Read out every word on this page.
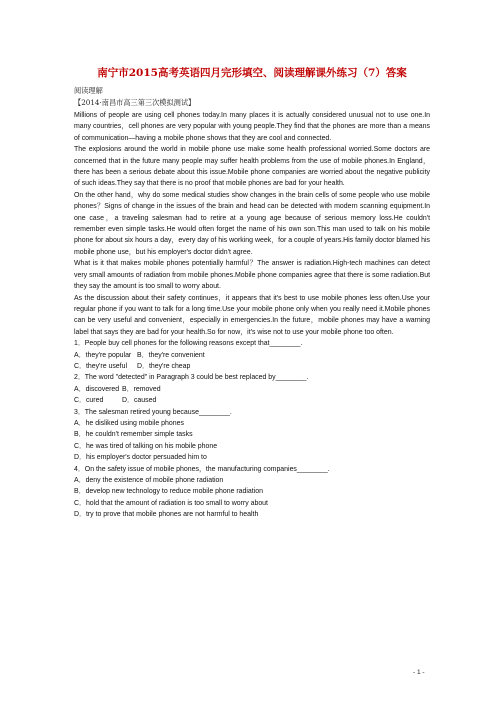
南宁市2015高考英语四月完形填空、阅读理解课外练习（7）答案
阅读理解
【2014·南昌市高三第三次模拟测试】

Millions of people are using cell phones today.In many places it is actually considered unusual not to use one.In many countries，cell phones are very popular with young people.They find that the phones are more than a means of communication—having a mobile phone shows that they are cool and connected.

The explosions around the world in mobile phone use make some health professional worried.Some doctors are concerned that in the future many people may suffer health problems from the use of mobile phones.In England，there has been a serious debate about this issue.Mobile phone companies are worried about the negative publicity of such ideas.They say that there is no proof that mobile phones are bad for your health.

On the other hand，why do some medical studies show changes in the brain cells of some people who use mobile phones？Signs of change in the issues of the brain and head can be detected with modern scanning equipment.In one case，a traveling salesman had to retire at a young age because of serious memory loss.He couldn't remember even simple tasks.He would often forget the name of his own son.This man used to talk on his mobile phone for about six hours a day，every day of his working week，for a couple of years.His family doctor blamed his mobile phone use，but his employer's doctor didn't agree.

What is it that makes mobile phones potentially harmful？The answer is radiation.High-tech machines can detect very small amounts of radiation from mobile phones.Mobile phone companies agree that there is some radiation.But they say the amount is too small to worry about.

As the discussion about their safety continues，it appears that it's best to use mobile phones less often.Use your regular phone if you want to talk for a long time.Use your mobile phone only when you really need it.Mobile phones can be very useful and convenient，especially in emergencies.In the future，mobile phones may have a warning label that says they are bad for your health.So for now，it's wise not to use your mobile phone too often.

1．People buy cell phones for the following reasons except that________.
A．they're popular B．they're convenient
C．they're useful	D．they're cheap
2．The word "detected" in Paragraph 3 could be best replaced by________.
A．discovered B．removed
C．cured	D．caused
3．The salesman retired young because________.
A．he disliked using mobile phones
B．he couldn't remember simple tasks
C．he was tired of talking on his mobile phone
D．his employer's doctor persuaded him to
4．On the safety issue of mobile phones，the manufacturing companies________.
A．deny the existence of mobile phone radiation
B．develop new technology to reduce mobile phone radiation
C．hold that the amount of radiation is too small to worry about
D．try to prove that mobile phones are not harmful to health
- 1 -
